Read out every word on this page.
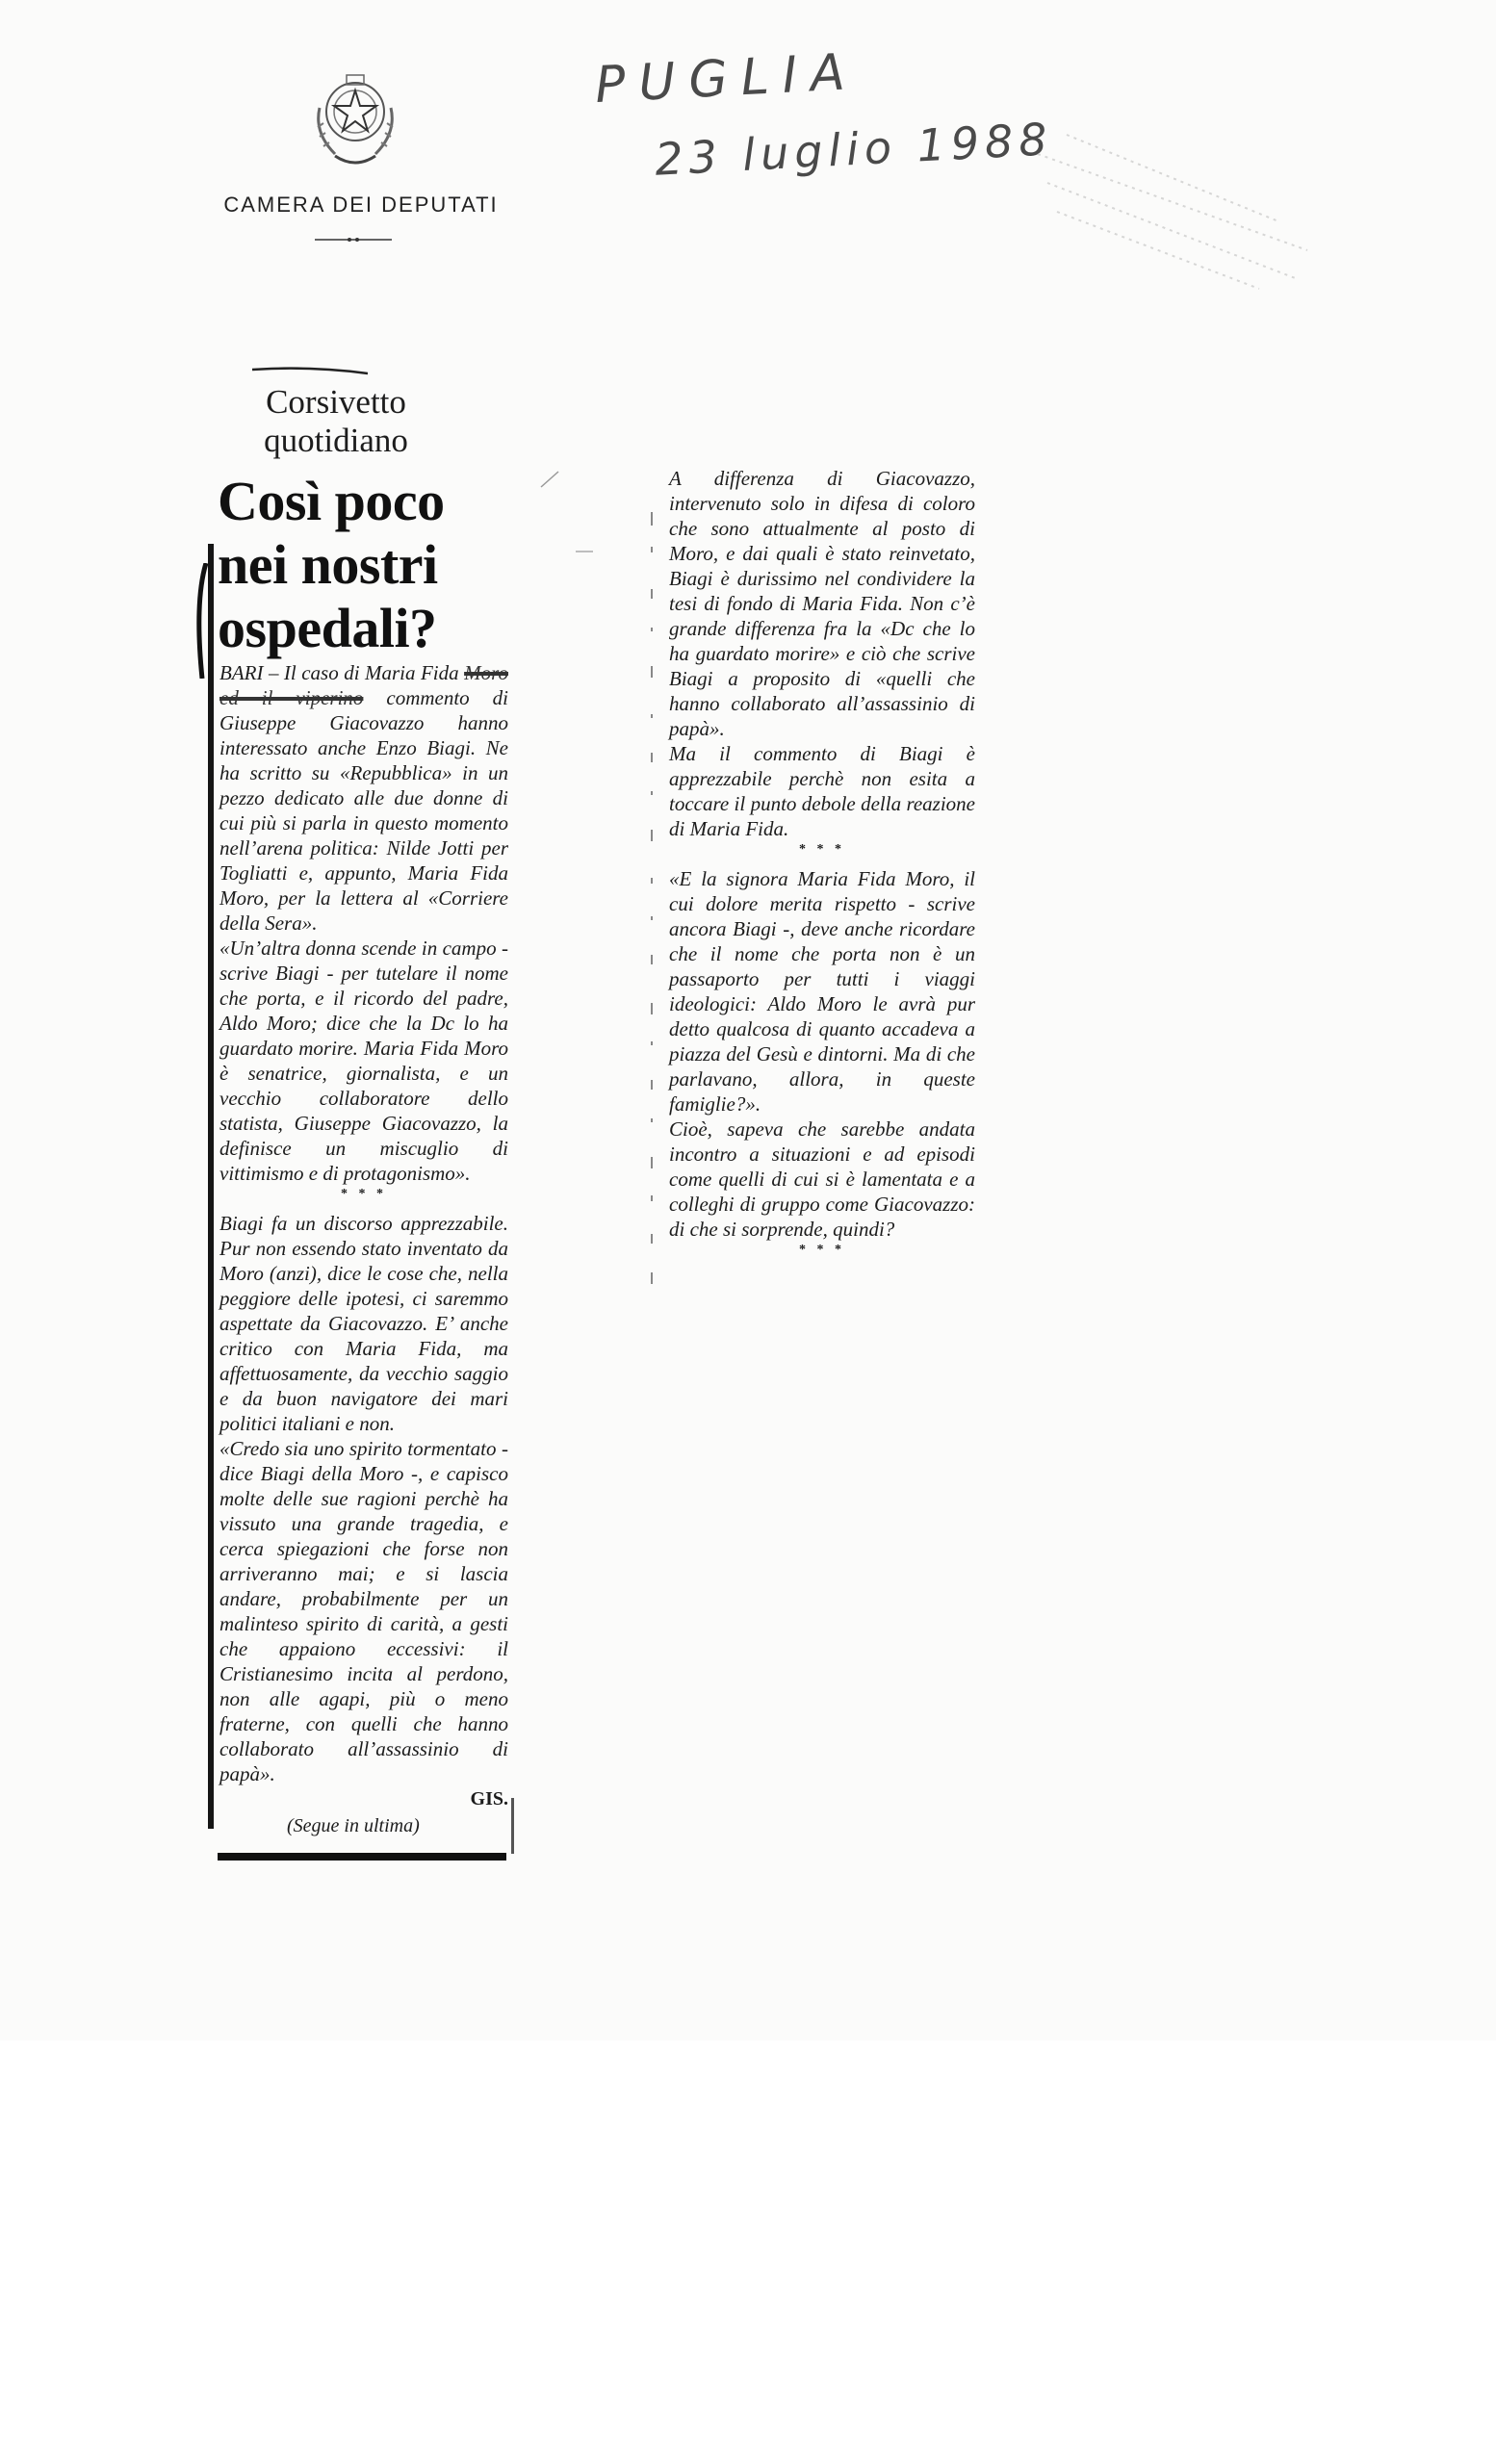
CAMERA DEI DEPUTATI
PUGLIA
23 luglio 1988
Corsivetto quotidiano
Così poco nei nostri ospedali?

BARI – Il caso di Maria Fida Moro ed il viperino commento di Giuseppe Giacovazzo hanno interessato anche Enzo Biagi. Ne ha scritto su «Repubblica» in un pezzo dedicato alle due donne di cui più si parla in questo momento nell’arena politica: Nilde Jotti per Togliatti e, appunto, Maria Fida Moro, per la lettera al «Corriere della Sera».

«Un’altra donna scende in campo - scrive Biagi - per tutelare il nome che porta, e il ricordo del padre, Aldo Moro; dice che la Dc lo ha guardato morire. Maria Fida Moro è senatrice, giornalista, e un vecchio collaboratore dello statista, Giuseppe Giacovazzo, la definisce un miscuglio di vittimismo e di protagonismo».

* * *

Biagi fa un discorso apprezzabile. Pur non essendo stato inventato da Moro (anzi), dice le cose che, nella peggiore delle ipotesi, ci saremmo aspettate da Giacovazzo. E’ anche critico con Maria Fida, ma affettuosamente, da vecchio saggio e da buon navigatore dei mari politici italiani e non.

«Credo sia uno spirito tormentato - dice Biagi della Moro -, e capisco molte delle sue ragioni perchè ha vissuto una grande tragedia, e cerca spiegazioni che forse non arriveranno mai; e si lascia andare, probabilmente per un malinteso spirito di carità, a gesti che appaiono eccessivi: il Cristianesimo incita al perdono, non alle agapi, più o meno fraterne, con quelli che hanno collaborato all’assassinio di papà».

GIS.
(Segue in ultima)

A differenza di Giacovazzo, intervenuto solo in difesa di coloro che sono attualmente al posto di Moro, e dai quali è stato reinvetato, Biagi è durissimo nel condividere la tesi di fondo di Maria Fida. Non c’è grande differenza fra la «Dc che lo ha guardato morire» e ciò che scrive Biagi a proposito di «quelli che hanno collaborato all’assassinio di papà».

Ma il commento di Biagi è apprezzabile perchè non esita a toccare il punto debole della reazione di Maria Fida.

* * *

«E la signora Maria Fida Moro, il cui dolore merita rispetto - scrive ancora Biagi -, deve anche ricordare che il nome che porta non è un passaporto per tutti i viaggi ideologici: Aldo Moro le avrà pur detto qualcosa di quanto accadeva a piazza del Gesù e dintorni. Ma di che parlavano, allora, in queste famiglie?».

Cioè, sapeva che sarebbe andata incontro a situazioni e ad episodi come quelli di cui si è lamentata e a colleghi di gruppo come Giacovazzo: di che si sorprende, quindi?

* * *
